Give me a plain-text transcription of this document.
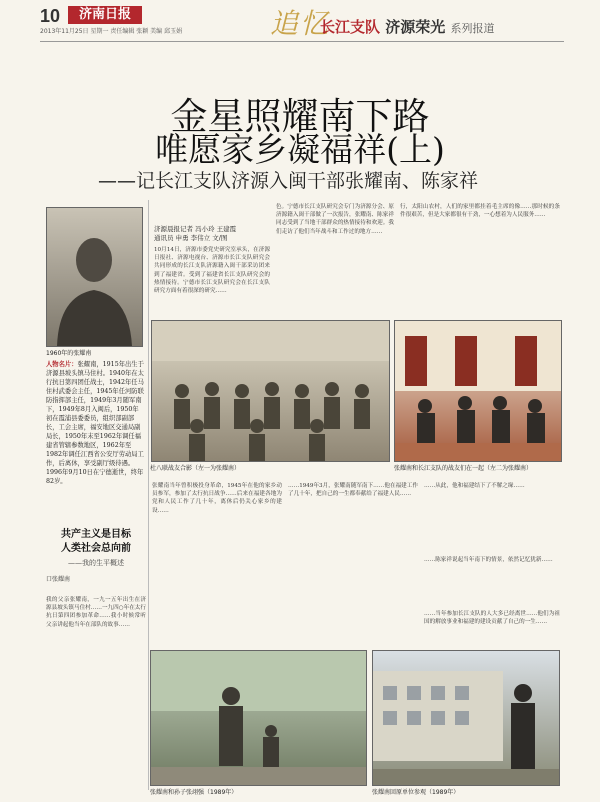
10	济南日报
2013年11月25日 星期一 责任编辑 张颖 美编 邱玉娟	追忆
长江支队 济源荣光 系列报道
金星照耀南下路
唯愿家乡凝福祥(上)
——记长江支队济源入闽干部张耀南、陈家祥
1960年的张耀南
人物名片：张耀南，1915年出生于济源县坡头镇马住村。1940年在太行抗日第四团任战士，1942年任马住村武委会主任，1945年任河防联防指挥部主任，1949年3月随军南下，1949年8月入闽后，1950年初在霞浦县委委员，组织部副部长，工会主席，福安地区交通局副局长，1950年末至1962年调任福建省管辖参数地区，1962年至1982年调任江西省公安厅劳动局工作，后离休，享受副厅级待遇。1996年9月10日在宁德逝世，终年82岁。
济源晨报记者 冯小玲 王建霞
通讯员 申勇 李伟立 文/图
10月14日，济源市委党史研究室承头，在济源日报社、济源电视台、济源市长江支队研究会共同形成的长江支队济源籍入闽干部采访团来到了福建省。受到了福建省长江支队研究会的热情接待。宁德市长江支队研究会在长江支队研究方面有着很深的研究……
色。宁德市长江支队研究会专门为济源分会、原济源籍入闽干部做了一次报告，张耀南、陈家祥同志受到了当地干部群众的热情接待和欢迎。我们走访了他们当年战斗和工作过的地方……
行，太阳山农村，人们的家里都挂着毛主席的像……那时候的条件很艰苦，但是大家都很有干劲，一心想着为人民服务……
杜八联战友合影（左一为张耀南）	张耀南和长江支队的战友们在一起（左二为张耀南）
共产主义是目标
人类社会总向前
——我的生平概述
口张耀南
我的父亲张耀南，一九一五年出生在济源县坡头镇马住村……一九四○年在太行抗日第四团参加革命……我小时候常听父亲讲起他当年在部队的故事……
张耀南当年曾积极投身革命，1945年在他的家乡动员参军，参加了太行抗日战争……后来在福建各地为党和人民工作了几十年，离休后仍关心家乡的建设……
……1949年3月，张耀南随军南下……他在福建工作了几十年，把自己的一生都奉献给了福建人民……
……从此，他和福建结下了不解之缘……
……陈家祥说起当年南下的情景，依然记忆犹新……
……当年参加长江支队的人大多已经离世……他们为祖国的解放事业和福建的建设贡献了自己的一生……
张耀南和孙子张翊强（1989年）	张耀南回原单位参观（1989年）
